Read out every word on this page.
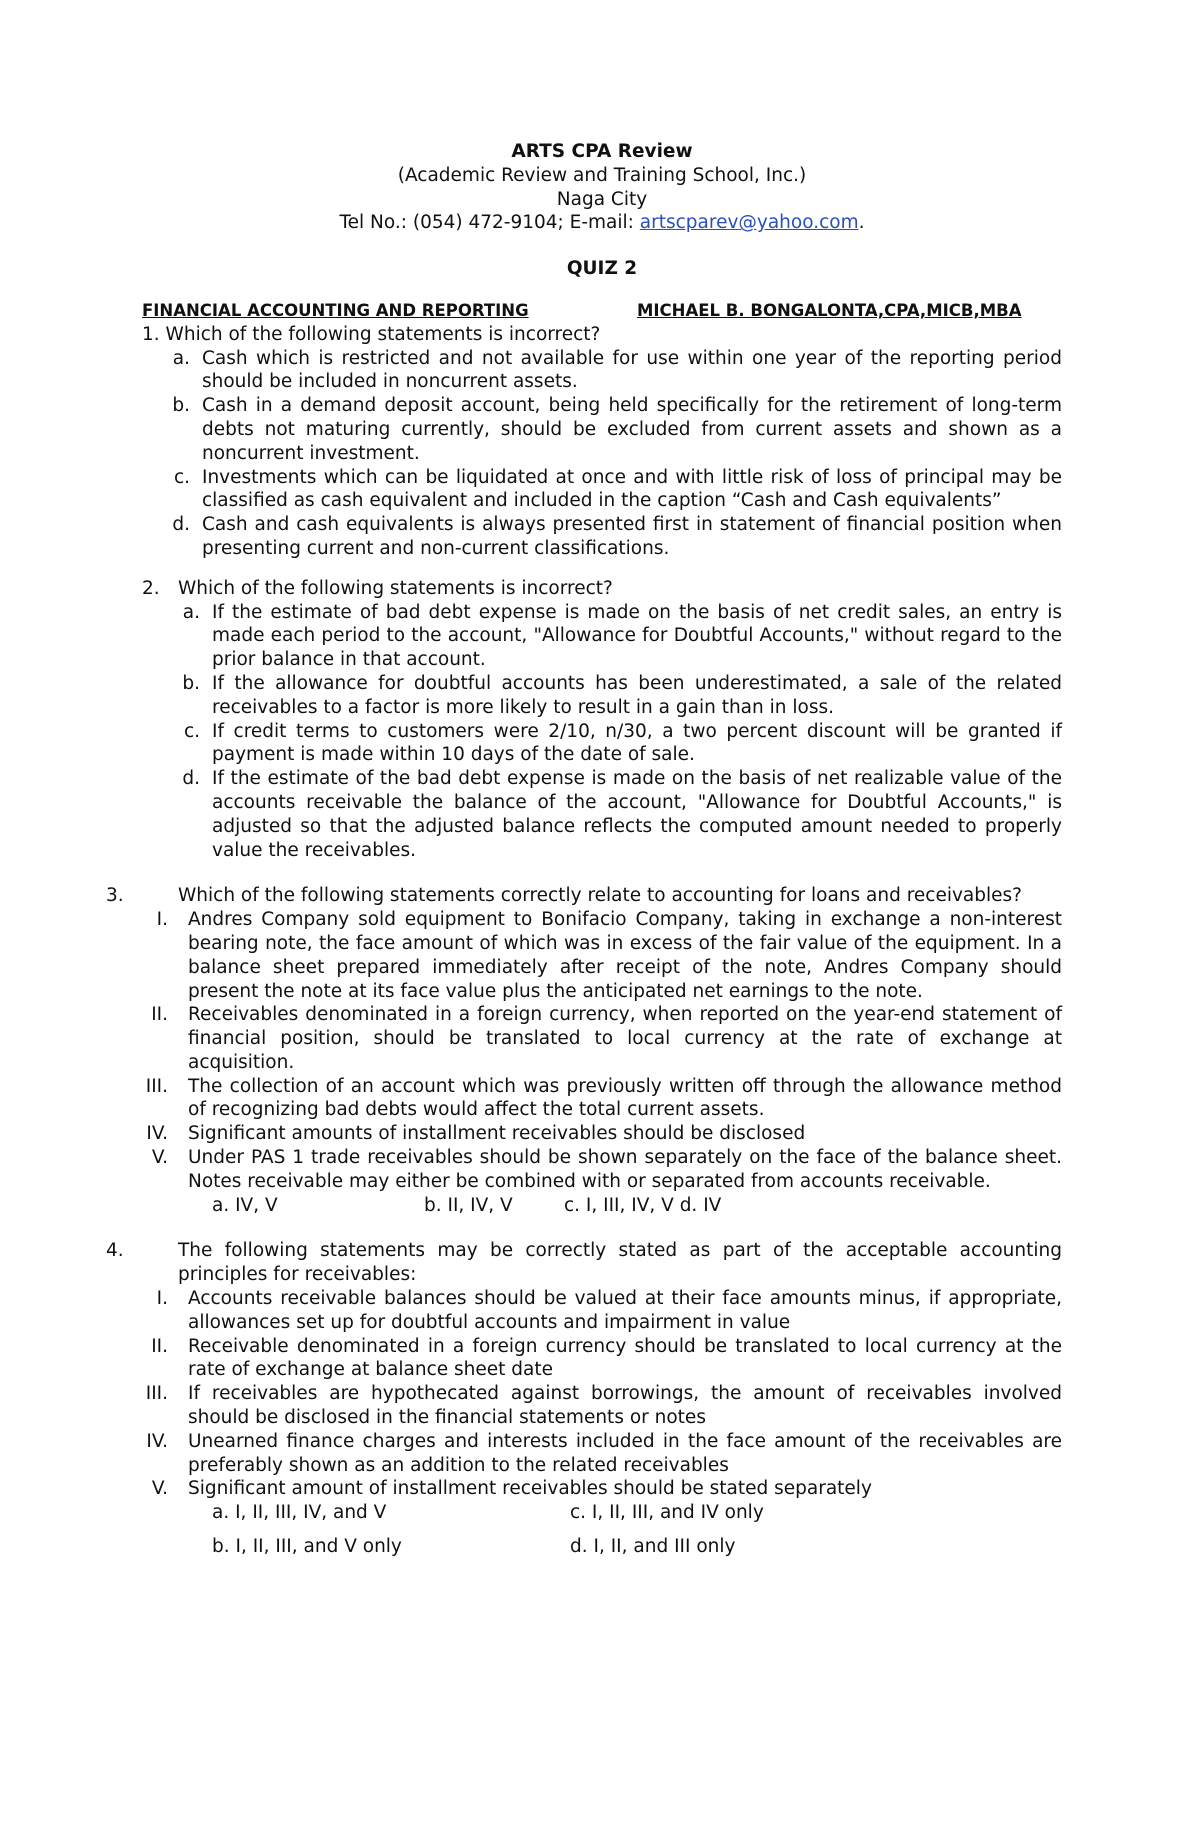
ARTS CPA Review
(Academic Review and Training School, Inc.)
Naga City
Tel No.: (054) 472-9104; E-mail: artscparev@yahoo.com.
QUIZ 2
FINANCIAL ACCOUNTING AND REPORTING	MICHAEL B. BONGALONTA,CPA,MICB,MBA
1. Which of the following statements is incorrect?
a. Cash which is restricted and not available for use within one year of the reporting period should be included in noncurrent assets.
b. Cash in a demand deposit account, being held specifically for the retirement of long-term debts not maturing currently, should be excluded from current assets and shown as a noncurrent investment.
c. Investments which can be liquidated at once and with little risk of loss of principal may be classified as cash equivalent and included in the caption “Cash and Cash equivalents”
d. Cash and cash equivalents is always presented first in statement of financial position when presenting current and non-current classifications.
2. Which of the following statements is incorrect?
a. If the estimate of bad debt expense is made on the basis of net credit sales, an entry is made each period to the account, "Allowance for Doubtful Accounts," without regard to the prior balance in that account.
b. If the allowance for doubtful accounts has been underestimated, a sale of the related receivables to a factor is more likely to result in a gain than in loss.
c. If credit terms to customers were 2/10, n/30, a two percent discount will be granted if payment is made within 10 days of the date of sale.
d. If the estimate of the bad debt expense is made on the basis of net realizable value of the accounts receivable the balance of the account, "Allowance for Doubtful Accounts," is adjusted so that the adjusted balance reflects the computed amount needed to properly value the receivables.
3.	Which of the following statements correctly relate to accounting for loans and receivables?
I.	Andres Company sold equipment to Bonifacio Company, taking in exchange a non-interest bearing note, the face amount of which was in excess of the fair value of the equipment. In a balance sheet prepared immediately after receipt of the note, Andres Company should present the note at its face value plus the anticipated net earnings to the note.
II.	Receivables denominated in a foreign currency, when reported on the year-end statement of financial position, should be translated to local currency at the rate of exchange at acquisition.
III.	The collection of an account which was previously written off through the allowance method of recognizing bad debts would affect the total current assets.
IV.	Significant amounts of installment receivables should be disclosed
V.	Under PAS 1 trade receivables should be shown separately on the face of the balance sheet. Notes receivable may either be combined with or separated from accounts receivable.
a. IV, V	b. II, IV, V	c. I, III, IV, V d. IV
4.	The following statements may be correctly stated as part of the acceptable accounting principles for receivables:
I.	Accounts receivable balances should be valued at their face amounts minus, if appropriate, allowances set up for doubtful accounts and impairment in value
II.	Receivable denominated in a foreign currency should be translated to local currency at the rate of exchange at balance sheet date
III.	If receivables are hypothecated against borrowings, the amount of receivables involved should be disclosed in the financial statements or notes
IV.	Unearned finance charges and interests included in the face amount of the receivables are preferably shown as an addition to the related receivables
V.	Significant amount of installment receivables should be stated separately
a. I, II, III, IV, and V	c. I, II, III, and IV only
b. I, II, III, and V only	d. I, II, and III only
